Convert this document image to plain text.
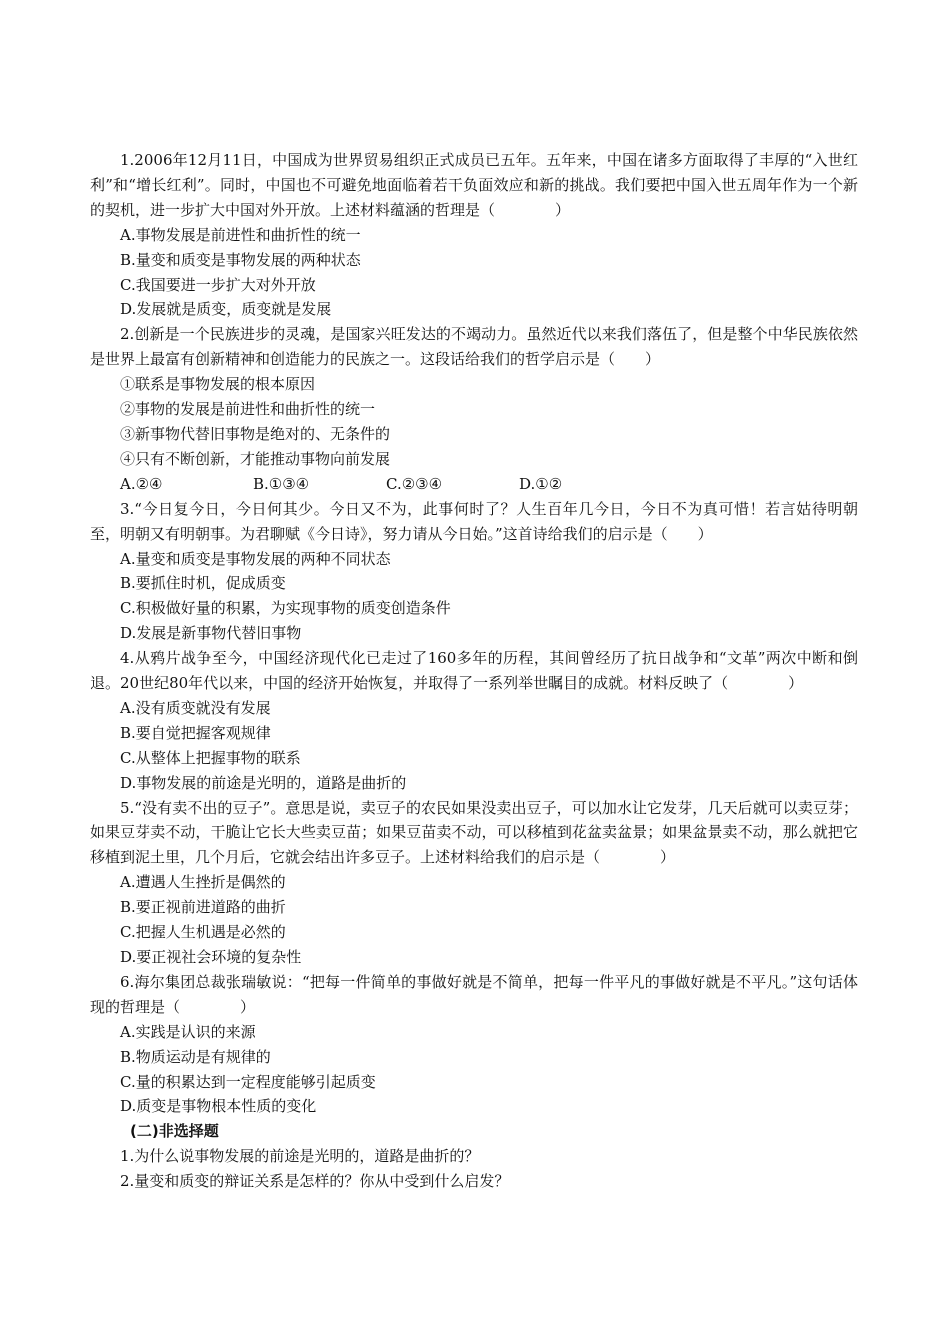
1.2006年12月11日，中国成为世界贸易组织正式成员已五年。五年来，中国在诸多方面取得了丰厚的“入世红利”和“增长红利”。同时，中国也不可避免地面临着若干负面效应和新的挑战。我们要把中国入世五周年作为一个新的契机，进一步扩大中国对外开放。上述材料蕴涵的哲理是（　　　　）

A.事物发展是前进性和曲折性的统一

B.量变和质变是事物发展的两种状态

C.我国要进一步扩大对外开放

D.发展就是质变，质变就是发展

2.创新是一个民族进步的灵魂，是国家兴旺发达的不竭动力。虽然近代以来我们落伍了，但是整个中华民族依然是世界上最富有创新精神和创造能力的民族之一。这段话给我们的哲学启示是（　　）

①联系是事物发展的根本原因

②事物的发展是前进性和曲折性的统一

③新事物代替旧事物是绝对的、无条件的

④只有不断创新，才能推动事物向前发展

A.②④	B.①③④	C.②③④	D.①②

3.“今日复今日，今日何其少。今日又不为，此事何时了？人生百年几今日，今日不为真可惜！若言姑待明朝至，明朝又有明朝事。为君聊赋《今日诗》，努力请从今日始。”这首诗给我们的启示是（　　）

A.量变和质变是事物发展的两种不同状态

B.要抓住时机，促成质变

C.积极做好量的积累，为实现事物的质变创造条件

D.发展是新事物代替旧事物

4.从鸦片战争至今，中国经济现代化已走过了160多年的历程，其间曾经历了抗日战争和“文革”两次中断和倒退。20世纪80年代以来，中国的经济开始恢复，并取得了一系列举世瞩目的成就。材料反映了（　　　　）

A.没有质变就没有发展

B.要自觉把握客观规律

C.从整体上把握事物的联系

D.事物发展的前途是光明的，道路是曲折的

5.“没有卖不出的豆子”。意思是说，卖豆子的农民如果没卖出豆子，可以加水让它发芽，几天后就可以卖豆芽；如果豆芽卖不动，干脆让它长大些卖豆苗；如果豆苗卖不动，可以移植到花盆卖盆景；如果盆景卖不动，那么就把它移植到泥土里，几个月后，它就会结出许多豆子。上述材料给我们的启示是（　　　　）

A.遭遇人生挫折是偶然的

B.要正视前进道路的曲折

C.把握人生机遇是必然的

D.要正视社会环境的复杂性

6.海尔集团总裁张瑞敏说：“把每一件简单的事做好就是不简单，把每一件平凡的事做好就是不平凡。”这句话体现的哲理是（　　　　）

A.实践是认识的来源

B.物质运动是有规律的

C.量的积累达到一定程度能够引起质变

D.质变是事物根本性质的变化

(二)非选择题

1.为什么说事物发展的前途是光明的，道路是曲折的？

2.量变和质变的辩证关系是怎样的？你从中受到什么启发？
